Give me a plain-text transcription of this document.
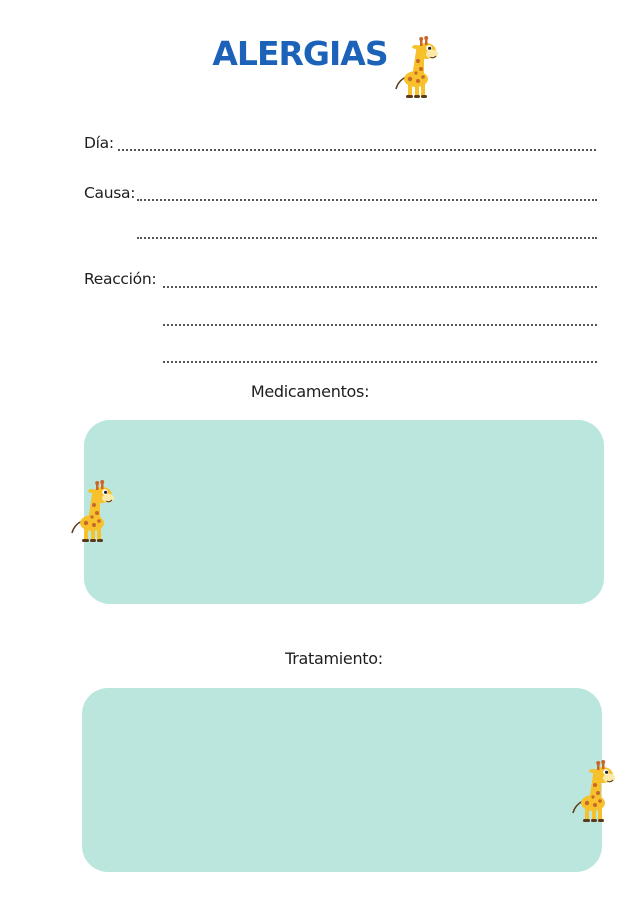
ALERGIAS
Día:
Causa:
Reacción:
Medicamentos:
Tratamiento:
